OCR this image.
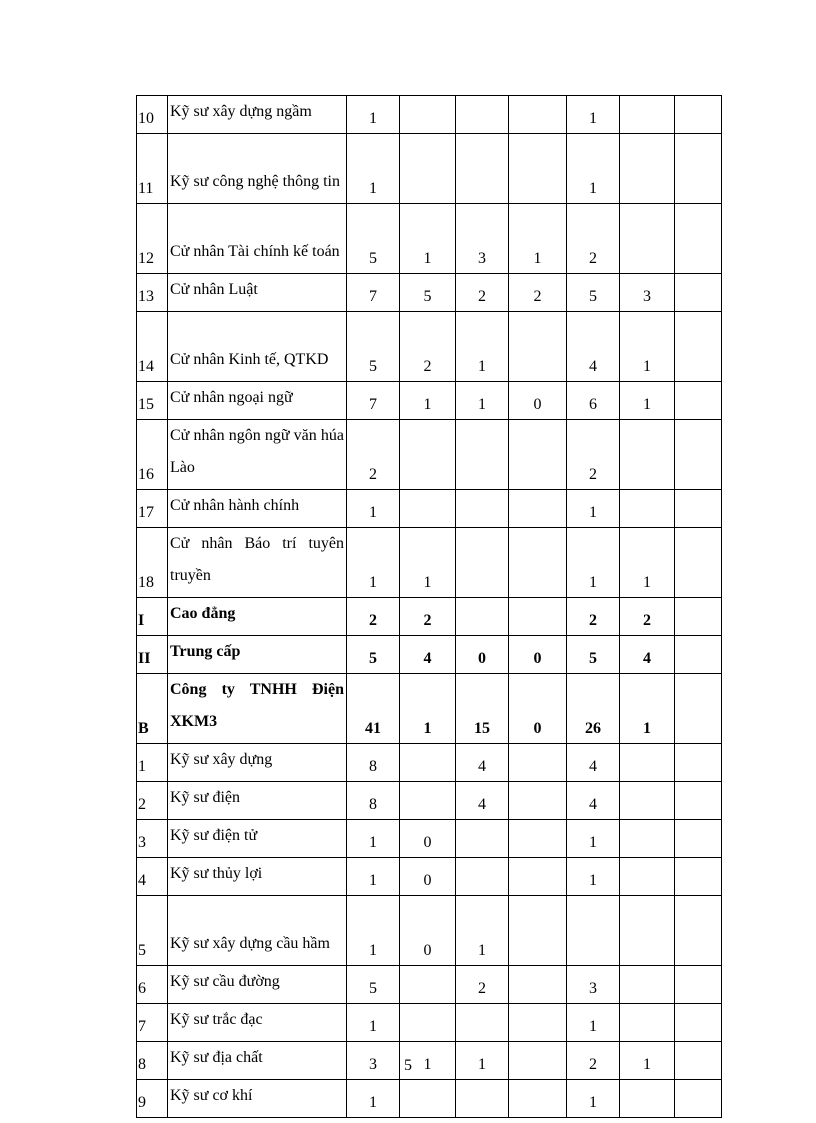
10	Kỹ sư xây dựng ngầm	1				1		
11	Kỹ sư công nghệ thông tin	1				1		
12	Cử nhân Tài chính kế toán	5	1	3	1	2		
13	Cử nhân Luật	7	5	2	2	5	3	
14	Cử nhân Kinh tế, QTKD	5	2	1		4	1	
15	Cử nhân ngoại ngữ	7	1	1	0	6	1	
16	Cử nhân ngôn ngữ văn húa Lào	2				2		
17	Cử nhân hành chính	1				1		
18	Cử nhân Báo trí tuyên truyền	1	1			1	1	
I	Cao đẳng	2	2			2	2	
II	Trung cấp	5	4	0	0	5	4	
B	Công ty TNHH Điện XKM3	41	1	15	0	26	1	
1	Kỹ sư xây dựng	8		4		4		
2	Kỹ sư điện	8		4		4		
3	Kỹ sư điện tử	1	0			1		
4	Kỹ sư thủy lợi	1	0			1		
5	Kỹ sư xây dựng cầu hầm	1	0	1				
6	Kỹ sư cầu đường	5		2		3		
7	Kỹ sư trắc đạc	1				1		
8	Kỹ sư địa chất	3	1	1		2	1	
9	Kỹ sư cơ khí	1				1		
5
